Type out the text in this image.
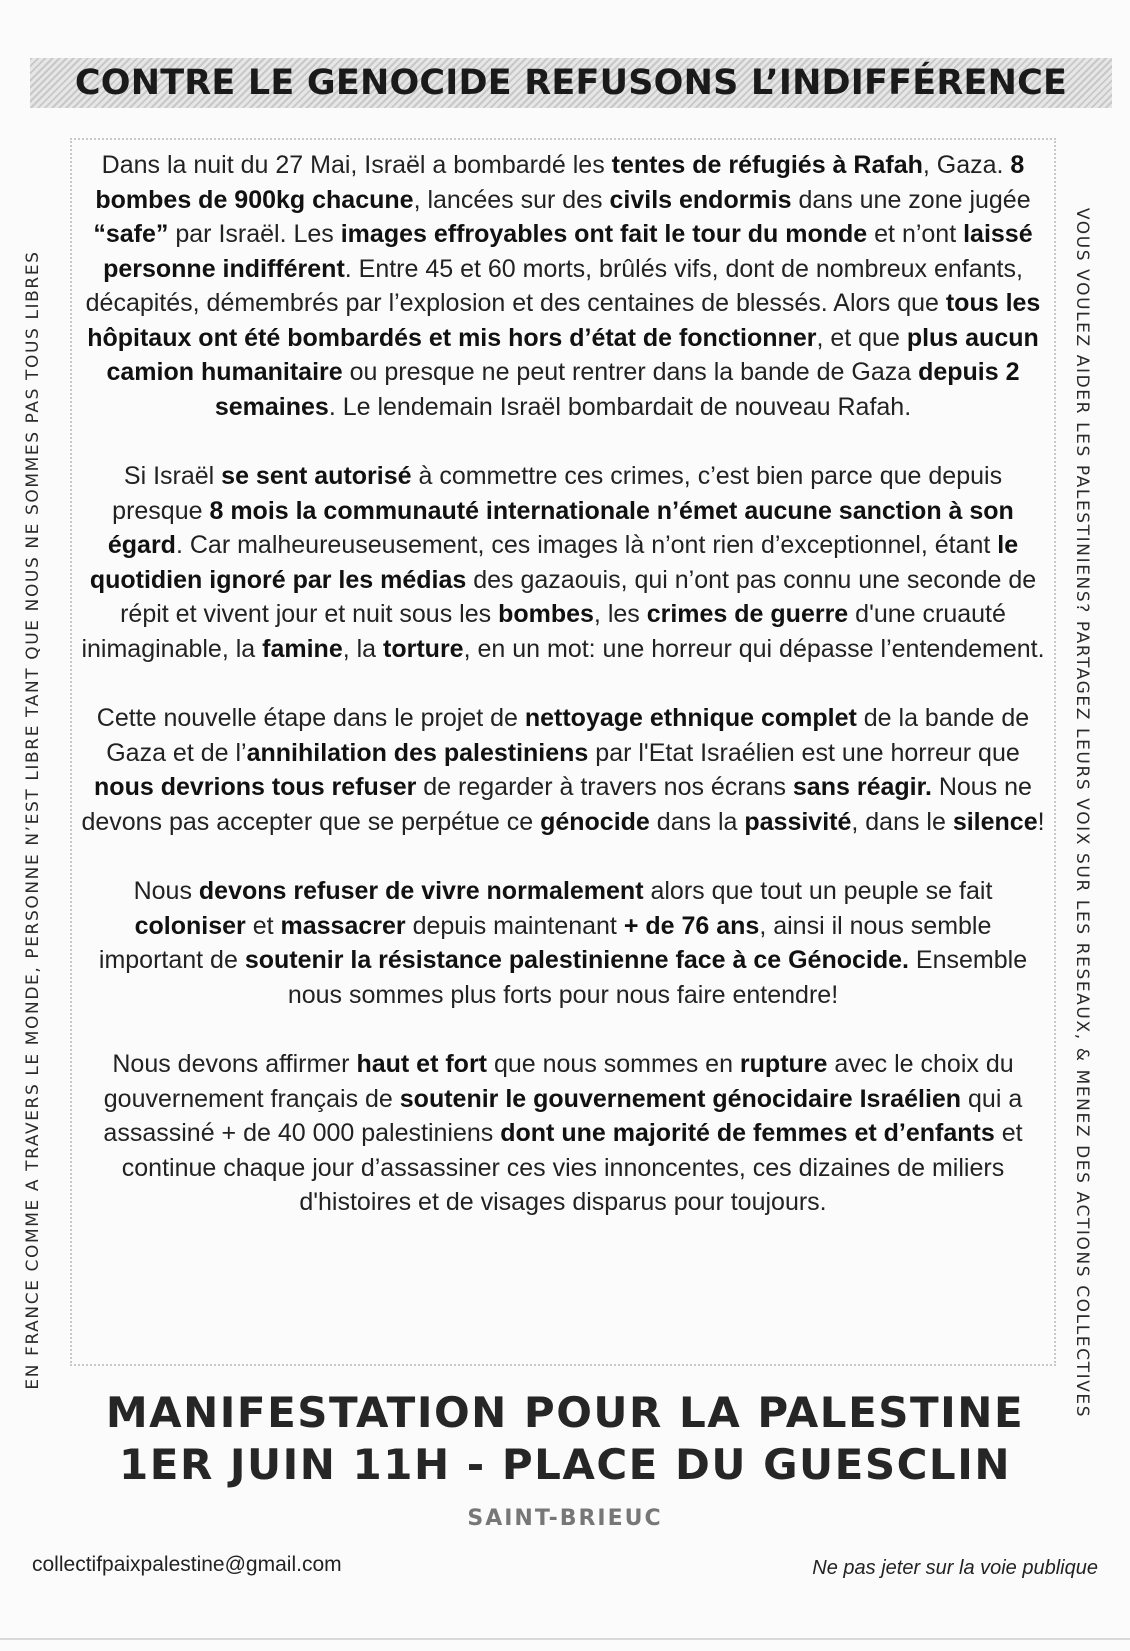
CONTRE LE GENOCIDE REFUSONS L’INDIFFÉRENCE
EN FRANCE COMME A TRAVERS LE MONDE, PERSONNE N’EST LIBRE TANT QUE NOUS NE SOMMES PAS TOUS LIBRES	VOUS VOULEZ AIDER LES PALESTINIENS? PARTAGEZ LEURS VOIX SUR LES RESEAUX, & MENEZ DES ACTIONS COLLECTIVES

Dans la nuit du 27 Mai, Israël a bombardé les tentes de réfugiés à Rafah, Gaza. 8 bombes de 900kg chacune, lancées sur des civils endormis dans une zone jugée “safe” par Israël. Les images effroyables ont fait le tour du monde et n’ont laissé personne indifférent. Entre 45 et 60 morts, brûlés vifs, dont de nombreux enfants, décapités, démembrés par l’explosion et des centaines de blessés. Alors que tous les hôpitaux ont été bombardés et mis hors d’état de fonctionner, et que plus aucun camion humanitaire ou presque ne peut rentrer dans la bande de Gaza depuis 2 semaines. Le lendemain Israël bombardait de nouveau Rafah.

Si Israël se sent autorisé à commettre ces crimes, c’est bien parce que depuis presque 8 mois la communauté internationale n’émet aucune sanction à son égard. Car malheureuseusement, ces images là n’ont rien d’exceptionnel, étant le quotidien ignoré par les médias des gazaouis, qui n’ont pas connu une seconde de répit et vivent jour et nuit sous les bombes, les crimes de guerre d'une cruauté inimaginable, la famine, la torture, en un mot: une horreur qui dépasse l’entendement.

Cette nouvelle étape dans le projet de nettoyage ethnique complet de la bande de Gaza et de l’annihilation des palestiniens par l'Etat Israélien est une horreur que nous devrions tous refuser de regarder à travers nos écrans sans réagir. Nous ne devons pas accepter que se perpétue ce génocide dans la passivité, dans le silence!

Nous devons refuser de vivre normalement alors que tout un peuple se fait coloniser et massacrer depuis maintenant + de 76 ans, ainsi il nous semble important de soutenir la résistance palestinienne face à ce Génocide. Ensemble nous sommes plus forts pour nous faire entendre!

Nous devons affirmer haut et fort que nous sommes en rupture avec le choix du gouvernement français de soutenir le gouvernement génocidaire Israélien qui a assassiné + de 40 000 palestiniens dont une majorité de femmes et d’enfants et continue chaque jour d’assassiner ces vies innoncentes, ces dizaines de miliers d'histoires et de visages disparus pour toujours.

MANIFESTATION POUR LA PALESTINE
1ER JUIN 11H - PLACE DU GUESCLIN
SAINT-BRIEUC
collectifpaixpalestine@gmail.com	Ne pas jeter sur la voie publique
